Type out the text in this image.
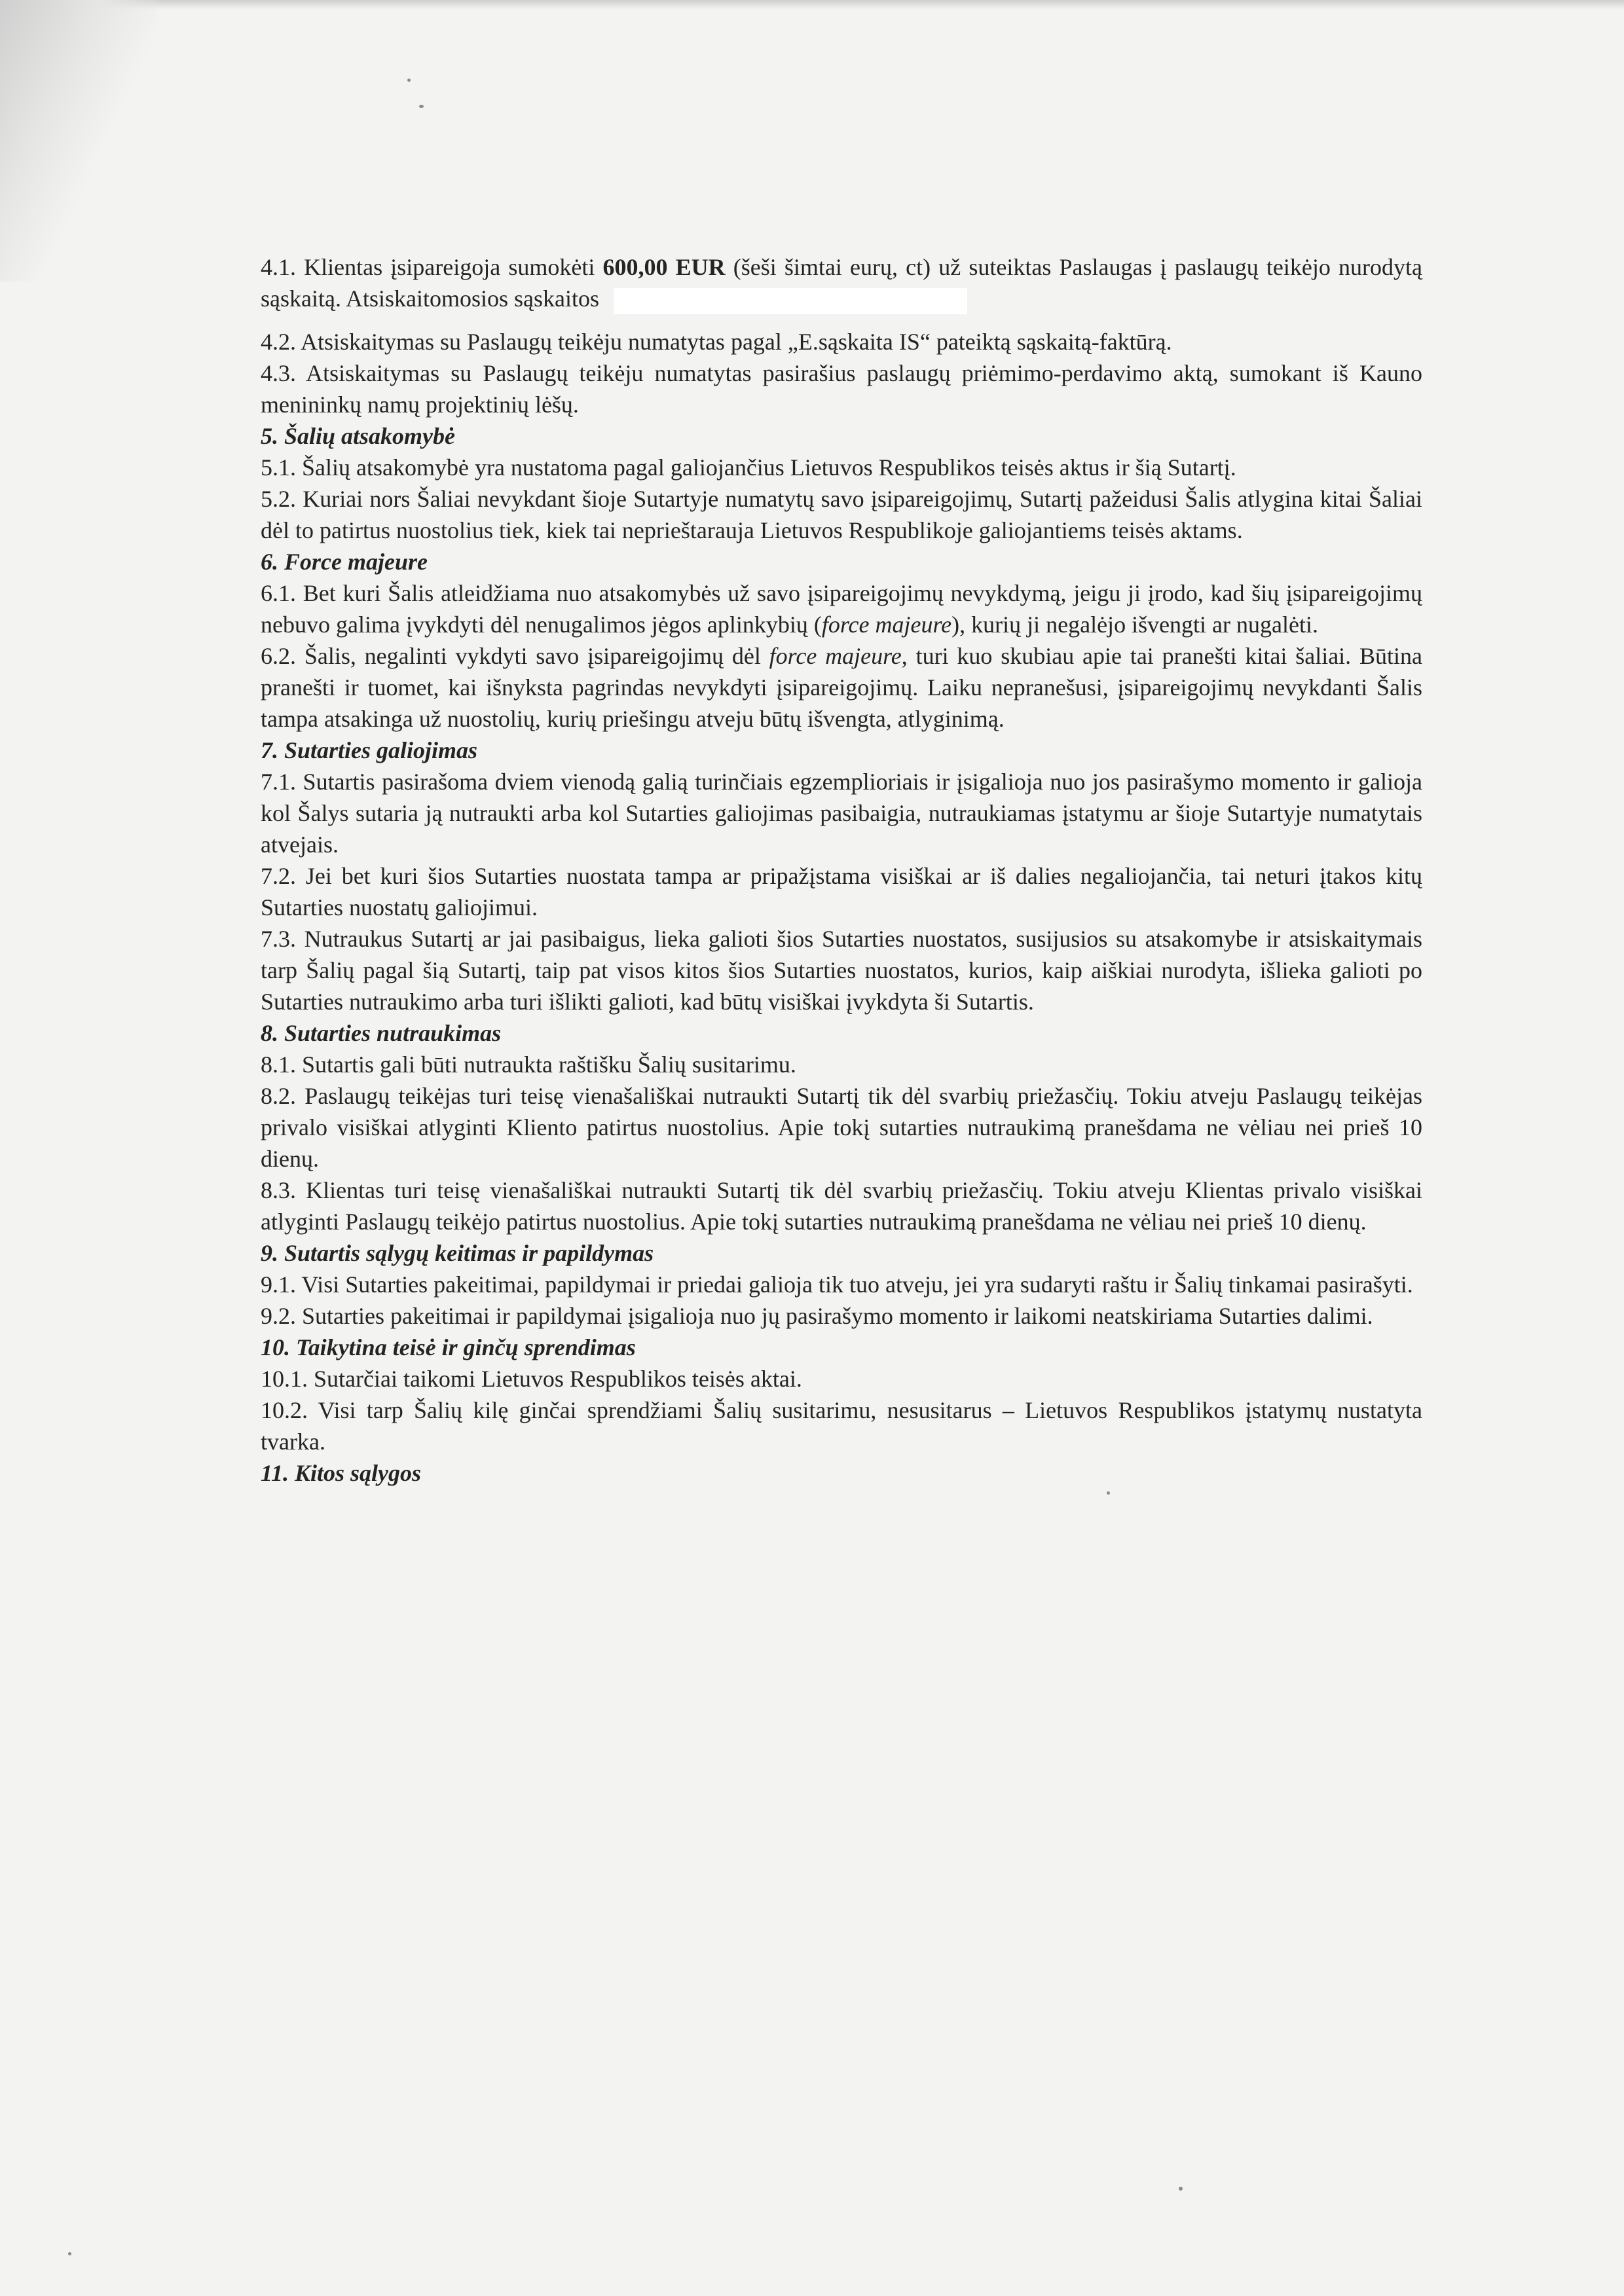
4.1. Klientas įsipareigoja sumokėti 600,00 EUR (šeši šimtai eurų, ct) už suteiktas Paslaugas į paslaugų teikėjo nurodytą sąskaitą. Atsiskaitomosios sąskaitos

4.2. Atsiskaitymas su Paslaugų teikėju numatytas pagal „E.sąskaita IS“ pateiktą sąskaitą-faktūrą.

4.3. Atsiskaitymas su Paslaugų teikėju numatytas pasirašius paslaugų priėmimo-perdavimo aktą, sumokant iš Kauno menininkų namų projektinių lėšų.

5. Šalių atsakomybė

5.1. Šalių atsakomybė yra nustatoma pagal galiojančius Lietuvos Respublikos teisės aktus ir šią Sutartį.

5.2. Kuriai nors Šaliai nevykdant šioje Sutartyje numatytų savo įsipareigojimų, Sutartį pažeidusi Šalis atlygina kitai Šaliai dėl to patirtus nuostolius tiek, kiek tai neprieštarauja Lietuvos Respublikoje galiojantiems teisės aktams.

6. Force majeure

6.1. Bet kuri Šalis atleidžiama nuo atsakomybės už savo įsipareigojimų nevykdymą, jeigu ji įrodo, kad šių įsipareigojimų nebuvo galima įvykdyti dėl nenugalimos jėgos aplinkybių (force majeure), kurių ji negalėjo išvengti ar nugalėti.

6.2. Šalis, negalinti vykdyti savo įsipareigojimų dėl force majeure, turi kuo skubiau apie tai pranešti kitai šaliai. Būtina pranešti ir tuomet, kai išnyksta pagrindas nevykdyti įsipareigojimų. Laiku nepranešusi, įsipareigojimų nevykdanti Šalis tampa atsakinga už nuostolių, kurių priešingu atveju būtų išvengta, atlyginimą.

7. Sutarties galiojimas

7.1. Sutartis pasirašoma dviem vienodą galią turinčiais egzemplioriais ir įsigalioja nuo jos pasirašymo momento ir galioja kol Šalys sutaria ją nutraukti arba kol Sutarties galiojimas pasibaigia, nutraukiamas įstatymu ar šioje Sutartyje numatytais atvejais.

7.2. Jei bet kuri šios Sutarties nuostata tampa ar pripažįstama visiškai ar iš dalies negaliojančia, tai neturi įtakos kitų Sutarties nuostatų galiojimui.

7.3. Nutraukus Sutartį ar jai pasibaigus, lieka galioti šios Sutarties nuostatos, susijusios su atsakomybe ir atsiskaitymais tarp Šalių pagal šią Sutartį, taip pat visos kitos šios Sutarties nuostatos, kurios, kaip aiškiai nurodyta, išlieka galioti po Sutarties nutraukimo arba turi išlikti galioti, kad būtų visiškai įvykdyta ši Sutartis.

8. Sutarties nutraukimas

8.1. Sutartis gali būti nutraukta raštišku Šalių susitarimu.

8.2. Paslaugų teikėjas turi teisę vienašališkai nutraukti Sutartį tik dėl svarbių priežasčių. Tokiu atveju Paslaugų teikėjas privalo visiškai atlyginti Kliento patirtus nuostolius. Apie tokį sutarties nutraukimą pranešdama ne vėliau nei prieš 10 dienų.

8.3. Klientas turi teisę vienašališkai nutraukti Sutartį tik dėl svarbių priežasčių. Tokiu atveju Klientas privalo visiškai atlyginti Paslaugų teikėjo patirtus nuostolius. Apie tokį sutarties nutraukimą pranešdama ne vėliau nei prieš 10 dienų.

9. Sutartis sąlygų keitimas ir papildymas

9.1. Visi Sutarties pakeitimai, papildymai ir priedai galioja tik tuo atveju, jei yra sudaryti raštu ir Šalių tinkamai pasirašyti.

9.2. Sutarties pakeitimai ir papildymai įsigalioja nuo jų pasirašymo momento ir laikomi neatskiriama Sutarties dalimi.

10. Taikytina teisė ir ginčų sprendimas

10.1. Sutarčiai taikomi Lietuvos Respublikos teisės aktai.

10.2. Visi tarp Šalių kilę ginčai sprendžiami Šalių susitarimu, nesusitarus – Lietuvos Respublikos įstatymų nustatyta tvarka.

11. Kitos sąlygos
